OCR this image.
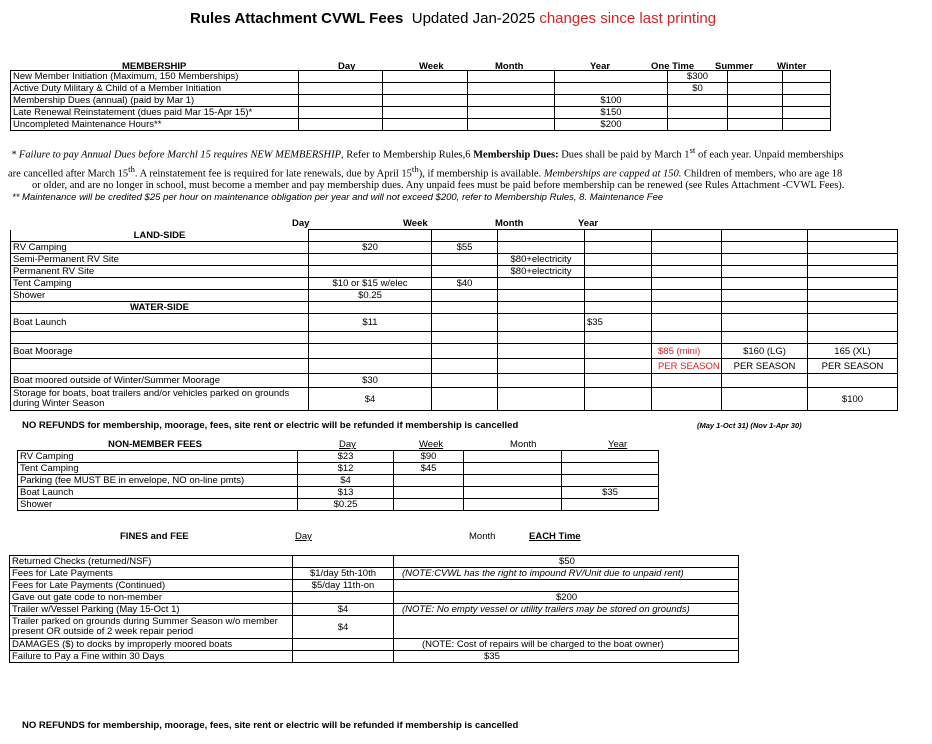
Rules Attachment CVWL Fees Updated Jan-2025 changes since last printing
MEMBERSHIP	Day	Week	Month	Year	One Time Summer	Winter
New Member Initiation (Maximum, 150 Memberships)					$300		
Active Duty Military & Child of a Member Initiation					$0		
Membership Dues (annual) (paid by Mar 1)				$100			
Late Renewal Reinstatement (dues paid Mar 15-Apr 15)*				$150			
Uncompleted Maintenance Hours**				$200			
* Failure to pay Annual Dues before Marchl 15 requires NEW MEMBERSHIP, Refer to Membership Rules,6 Membership Dues: Dues shall be paid by March 1st of each year. Unpaid memberships
are cancelled after March 15th. A reinstatement fee is required for late renewals, due by April 15th), if membership is available. Memberships are capped at 150. Children of members, who are age 18
or older, and are no longer in school, must become a member and pay membership dues. Any unpaid fees must be paid before membership can be renewed (see Rules Attachment -CVWL Fees).
** Maintenance will be credited $25 per hour on maintenance obligation per year and will not exceed $200, refer to Membership Rules, 8. Maintenance Fee
Day	Week	Month	Year
LAND-SIDE							
RV Camping	$20	$55					
Semi-Permanent RV Site			$80+electricity				
Permanent RV Site			$80+electricity				
Tent Camping	$10 or $15 w/elec	$40					
Shower	$0.25						
WATER-SIDE							
Boat Launch	$11			$35			

Boat Moorage					$85 (mini)	$160 (LG)	165 (XL)
					PER SEASON	PER SEASON	PER SEASON
Boat moored outside of Winter/Summer Moorage	$30						
Storage for boats, boat trailers and/or vehicles parked on grounds during Winter Season	$4						$100
NO REFUNDS for membership, moorage, fees, site rent or electric will be refunded if membership is cancelled	(May 1-Oct 31) (Nov 1-Apr 30)
NON-MEMBER FEES	Day	Week	Month	Year
RV Camping	$23	$90		
Tent Camping	$12	$45		
Parking (fee MUST BE in envelope, NO on-line pmts)	$4			
Boat Launch	$13			$35
Shower	$0.25			
FINES and FEE	Day	Month	EACH Time
Returned Checks (returned/NSF)		$50
Fees for Late Payments	$1/day 5th-10th	(NOTE:CVWL has the right to impound RV/Unit due to unpaid rent)
Fees for Late Payments (Continued)	$5/day 11th-on	
Gave out gate code to non-member		$200
Trailer w/Vessel Parking (May 15-Oct 1)	$4	(NOTE: No empty vessel or utility trailers may be stored on grounds)
Trailer parked on grounds during Summer Season w/o member present OR outside of 2 week repair period	$4	
DAMAGES ($) to docks by improperly moored boats		(NOTE: Cost of repairs will be charged to the boat owner)
Failure to Pay a Fine within 30 Days		$35
NO REFUNDS for membership, moorage, fees, site rent or electric will be refunded if membership is cancelled
